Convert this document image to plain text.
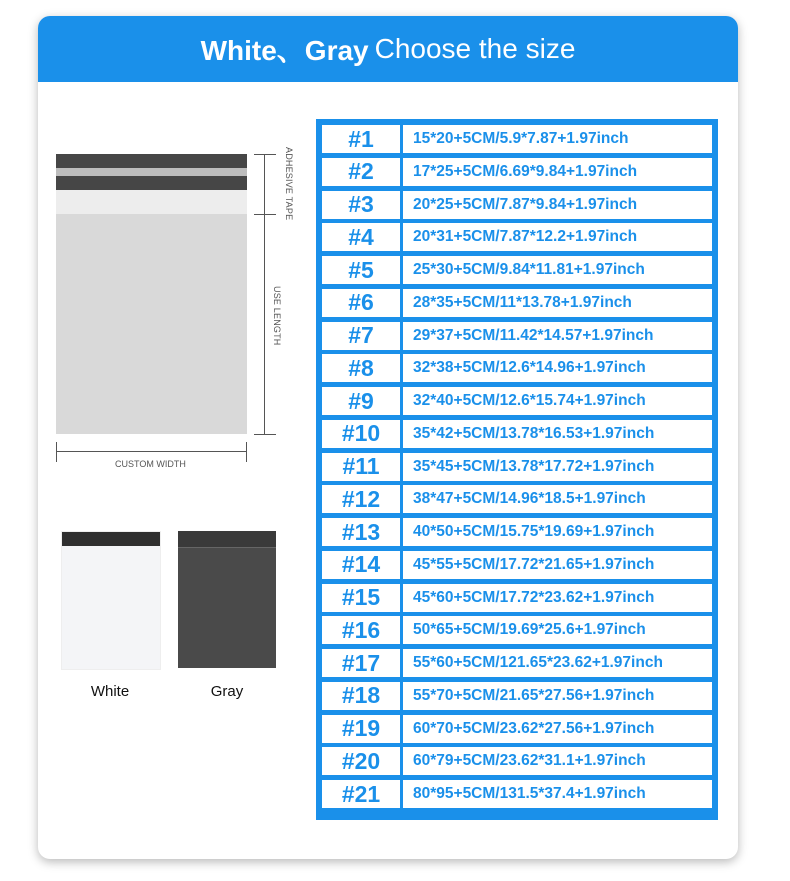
White、Gray Choose the size
ADHESIVE TAPE
USE LENGTH
CUSTOM WIDTH
White	Gray
#1	15*20+5CM/5.9*7.87+1.97inch
#2	17*25+5CM/6.69*9.84+1.97inch
#3	20*25+5CM/7.87*9.84+1.97inch
#4	20*31+5CM/7.87*12.2+1.97inch
#5	25*30+5CM/9.84*11.81+1.97inch
#6	28*35+5CM/11*13.78+1.97inch
#7	29*37+5CM/11.42*14.57+1.97inch
#8	32*38+5CM/12.6*14.96+1.97inch
#9	32*40+5CM/12.6*15.74+1.97inch
#10	35*42+5CM/13.78*16.53+1.97inch
#11	35*45+5CM/13.78*17.72+1.97inch
#12	38*47+5CM/14.96*18.5+1.97inch
#13	40*50+5CM/15.75*19.69+1.97inch
#14	45*55+5CM/17.72*21.65+1.97inch
#15	45*60+5CM/17.72*23.62+1.97inch
#16	50*65+5CM/19.69*25.6+1.97inch
#17	55*60+5CM/121.65*23.62+1.97inch
#18	55*70+5CM/21.65*27.56+1.97inch
#19	60*70+5CM/23.62*27.56+1.97inch
#20	60*79+5CM/23.62*31.1+1.97inch
#21	80*95+5CM/131.5*37.4+1.97inch
